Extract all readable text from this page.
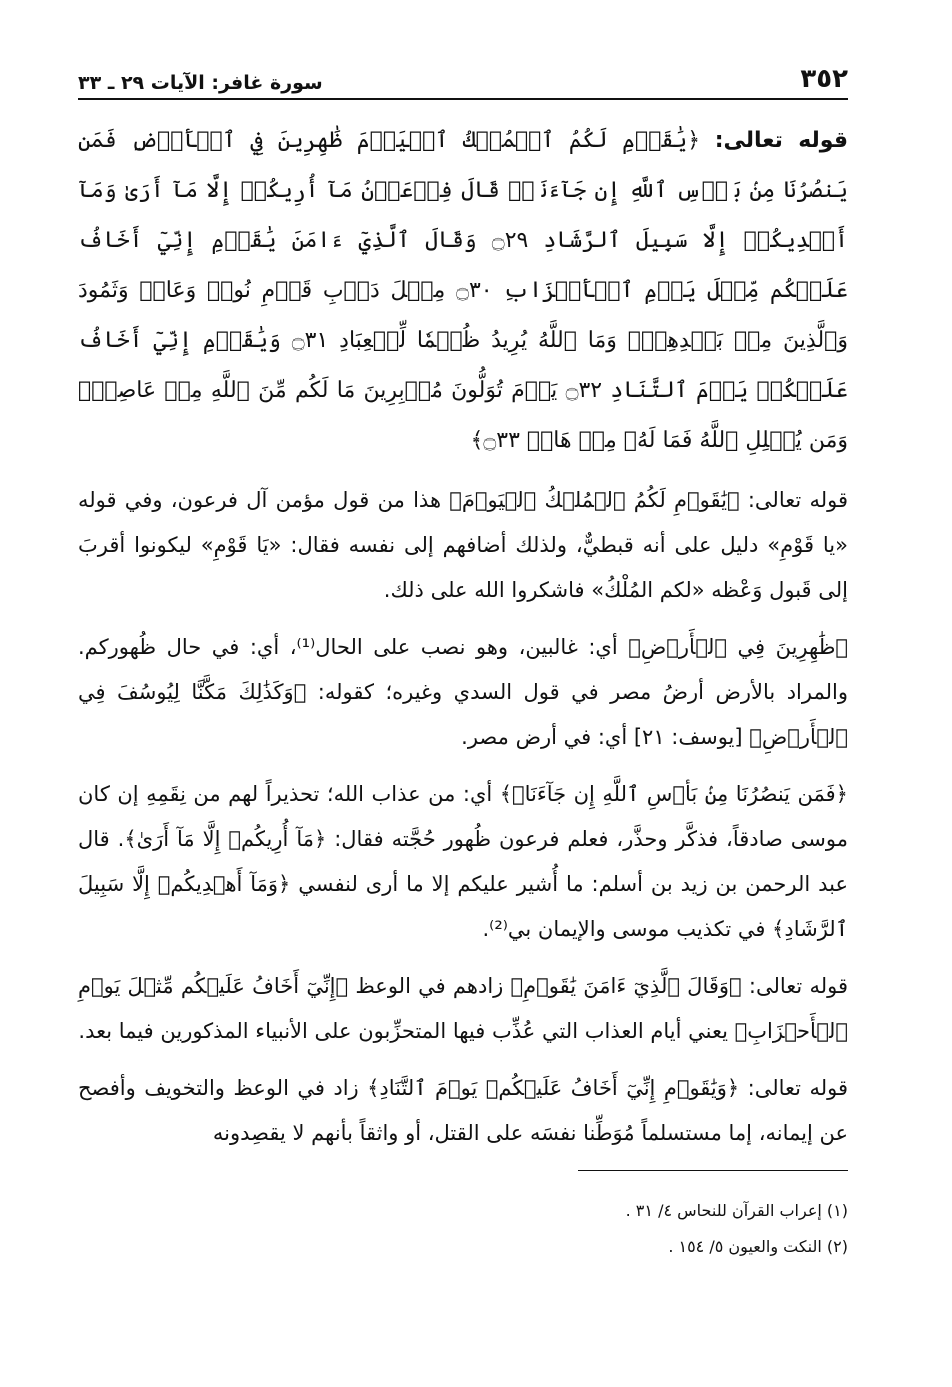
٣٥٢
سورة غافر: الآيات ٢٩ ـ ٣٣

قوله تعالى: ﴿يَٰقَوۡمِ لَكُمُ ٱلۡمُلۡكُ ٱلۡيَوۡمَ ظَٰهِرِينَ فِي ٱلۡأَرۡضِ فَمَن يَنصُرُنَا مِنۢ بَأۡسِ ٱللَّهِ إِن جَآءَنَاۚ قَالَ فِرۡعَوۡنُ مَآ أُرِيكُمۡ إِلَّا مَآ أَرَىٰ وَمَآ أَهۡدِيكُمۡ إِلَّا سَبِيلَ ٱلرَّشَادِ ۝٢٩ وَقَالَ ٱلَّذِيٓ ءَامَنَ يَٰقَوۡمِ إِنِّيٓ أَخَافُ عَلَيۡكُم مِّثۡلَ يَوۡمِ ٱلۡأَحۡزَابِ ۝٣٠ مِثۡلَ دَأۡبِ قَوۡمِ نُوحٖ وَعَادٖ وَثَمُودَ وَٱلَّذِينَ مِنۢ بَعۡدِهِمۡۚ وَمَا ٱللَّهُ يُرِيدُ ظُلۡمٗا لِّلۡعِبَادِ ۝٣١ وَيَٰقَوۡمِ إِنِّيٓ أَخَافُ عَلَيۡكُمۡ يَوۡمَ ٱلتَّنَادِ ۝٣٢ يَوۡمَ تُوَلُّونَ مُدۡبِرِينَ مَا لَكُم مِّنَ ٱللَّهِ مِنۡ عَاصِمٖۗ وَمَن يُضۡلِلِ ٱللَّهُ فَمَا لَهُۥ مِنۡ هَادٖ ۝٣٣﴾

قوله تعالى: ﴿يَٰقَوۡمِ لَكُمُ ٱلۡمُلۡكُ ٱلۡيَوۡمَ﴾ هذا من قول مؤمن آل فرعون، وفي قوله «يا قَوْمِ» دليل على أنه قبطيٌّ، ولذلك أضافهم إلى نفسه فقال: «يَا قَوْمِ» ليكونوا أقربَ إلى قَبول وَعْظه «لكم المُلْكُ» فاشكروا الله على ذلك.

﴿ظَٰهِرِينَ فِي ٱلۡأَرۡضِ﴾ أي: غالبين، وهو نصب على الحال⁽¹⁾، أي: في حال ظُهوركم. والمراد بالأرض أرضُ مصر في قول السدي وغيره؛ كقوله: ﴿وَكَذَٰلِكَ مَكَّنَّا لِيُوسُفَ فِي ٱلۡأَرۡضِ﴾ [يوسف: ٢١] أي: في أرض مصر.

﴿فَمَن يَنصُرُنَا مِنۢ بَأۡسِ ٱللَّهِ إِن جَآءَنَاۚ﴾ أي: من عذاب الله؛ تحذيراً لهم من نِقَمِهِ إن كان موسى صادقاً، فذكَّر وحذَّر، فعلم فرعون ظُهور حُجَّته فقال: ﴿مَآ أُرِيكُمۡ إِلَّا مَآ أَرَىٰ﴾. قال عبد الرحمن بن زيد بن أسلم: ما أُشير عليكم إلا ما أرى لنفسي ﴿وَمَآ أَهۡدِيكُمۡ إِلَّا سَبِيلَ ٱلرَّشَادِ﴾ في تكذيب موسى والإيمان بي⁽²⁾.

قوله تعالى: ﴿وَقَالَ ٱلَّذِيٓ ءَامَنَ يَٰقَوۡمِ﴾ زادهم في الوعظ ﴿إِنِّيٓ أَخَافُ عَلَيۡكُم مِّثۡلَ يَوۡمِ ٱلۡأَحۡزَابِ﴾ يعني أيام العذاب التي عُذِّب فيها المتحزِّبون على الأنبياء المذكورين فيما بعد.

قوله تعالى: ﴿وَيَٰقَوۡمِ إِنِّيٓ أَخَافُ عَلَيۡكُمۡ يَوۡمَ ٱلتَّنَادِ﴾ زاد في الوعظ والتخويف وأفصح عن إيمانه، إما مستسلماً مُوَطِّنا نفسَه على القتل، أو واثقاً بأنهم لا يقصِدونه

(١) إعراب القرآن للنحاس ٤/ ٣١ .
(٢) النكت والعيون ٥/ ١٥٤ .
